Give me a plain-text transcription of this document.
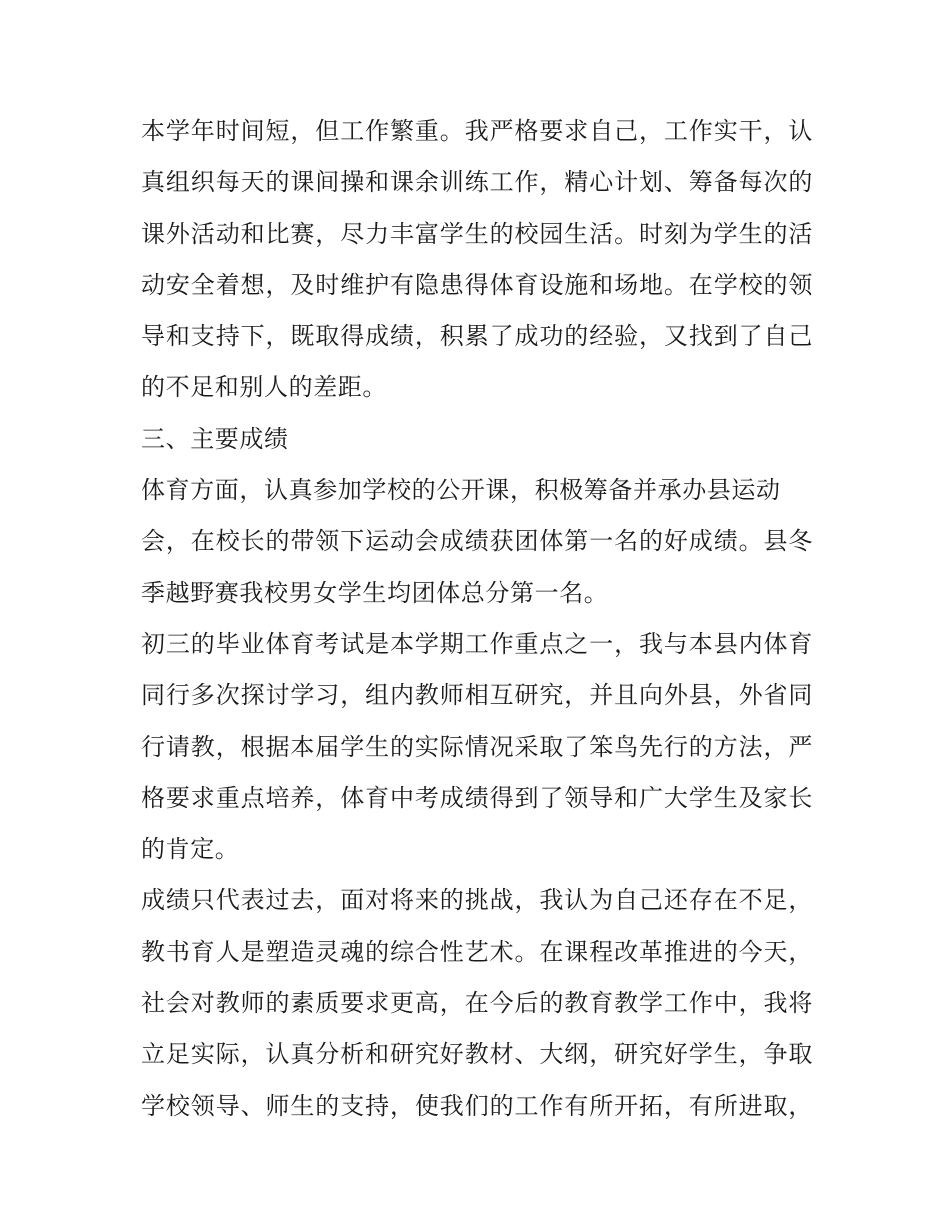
本学年时间短，但工作繁重。我严格要求自己，工作实干，认
真组织每天的课间操和课余训练工作，精心计划、筹备每次的
课外活动和比赛，尽力丰富学生的校园生活。时刻为学生的活
动安全着想，及时维护有隐患得体育设施和场地。在学校的领
导和支持下，既取得成绩，积累了成功的经验，又找到了自己
的不足和别人的差距。
三、主要成绩
体育方面，认真参加学校的公开课，积极筹备并承办县运动
会，在校长的带领下运动会成绩获团体第一名的好成绩。县冬
季越野赛我校男女学生均团体总分第一名。
初三的毕业体育考试是本学期工作重点之一，我与本县内体育
同行多次探讨学习，组内教师相互研究，并且向外县，外省同
行请教，根据本届学生的实际情况采取了笨鸟先行的方法，严
格要求重点培养，体育中考成绩得到了领导和广大学生及家长
的肯定。
成绩只代表过去，面对将来的挑战，我认为自己还存在不足，
教书育人是塑造灵魂的综合性艺术。在课程改革推进的今天，
社会对教师的素质要求更高，在今后的教育教学工作中，我将
立足实际，认真分析和研究好教材、大纲，研究好学生，争取
学校领导、师生的支持，使我们的工作有所开拓，有所进取，
